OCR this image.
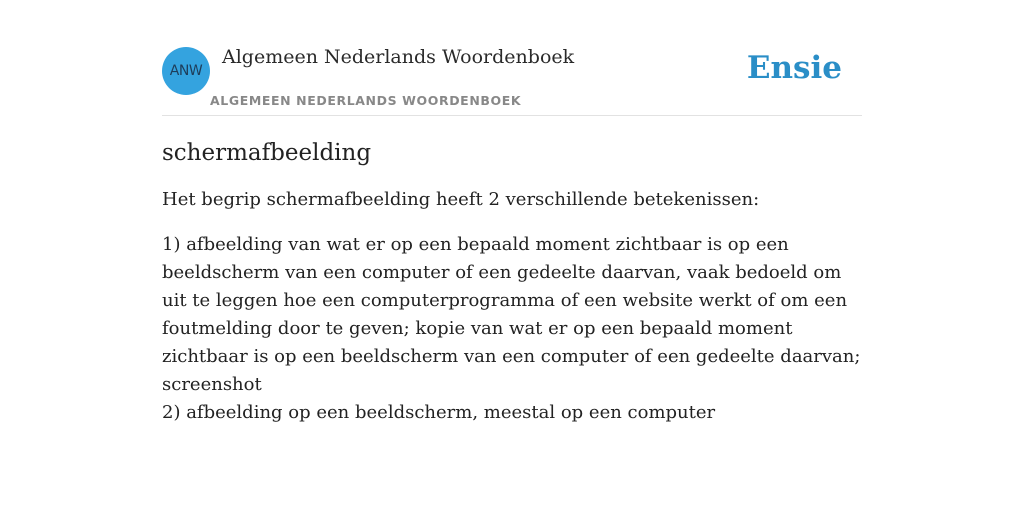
ANW
Algemeen Nederlands Woordenboek
ALGEMEEN NEDERLANDS WOORDENBOEK
Ensie
schermafbeelding

Het begrip schermafbeelding heeft 2 verschillende betekenissen:

1) afbeelding van wat er op een bepaald moment zichtbaar is op een beeldscherm van een computer of een gedeelte daarvan, vaak bedoeld om uit te leggen hoe een computerprogramma of een website werkt of om een foutmelding door te geven; kopie van wat er op een bepaald moment zichtbaar is op een beeldscherm van een computer of een gedeelte daarvan; screenshot
2) afbeelding op een beeldscherm, meestal op een computer
